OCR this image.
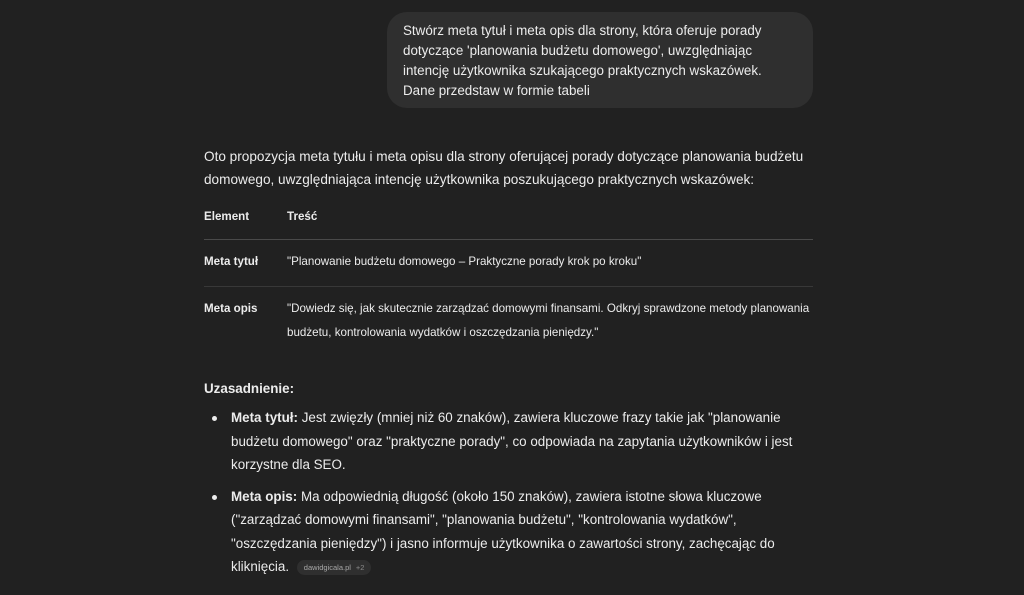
Stwórz meta tytuł i meta opis dla strony, która oferuje porady dotyczące 'planowania budżetu domowego', uwzględniając intencję użytkownika szukającego praktycznych wskazówek. Dane przedstaw w formie tabeli

Oto propozycja meta tytułu i meta opisu dla strony oferującej porady dotyczące planowania budżetu domowego, uwzględniająca intencję użytkownika poszukującego praktycznych wskazówek:

Element	Treść
Meta tytuł	"Planowanie budżetu domowego – Praktyczne porady krok po kroku"
Meta opis	"Dowiedz się, jak skutecznie zarządzać domowymi finansami. Odkryj sprawdzone metody planowania budżetu, kontrolowania wydatków i oszczędzania pieniędzy."

Uzasadnienie:

Meta tytuł: Jest zwięzły (mniej niż 60 znaków), zawiera kluczowe frazy takie jak "planowanie budżetu domowego" oraz "praktyczne porady", co odpowiada na zapytania użytkowników i jest korzystne dla SEO.
Meta opis: Ma odpowiednią długość (około 150 znaków), zawiera istotne słowa kluczowe ("zarządzać domowymi finansami", "planowania budżetu", "kontrolowania wydatków", "oszczędzania pieniędzy") i jasno informuje użytkownika o zawartości strony, zachęcając do kliknięcia. dawidgicala.pl +2
